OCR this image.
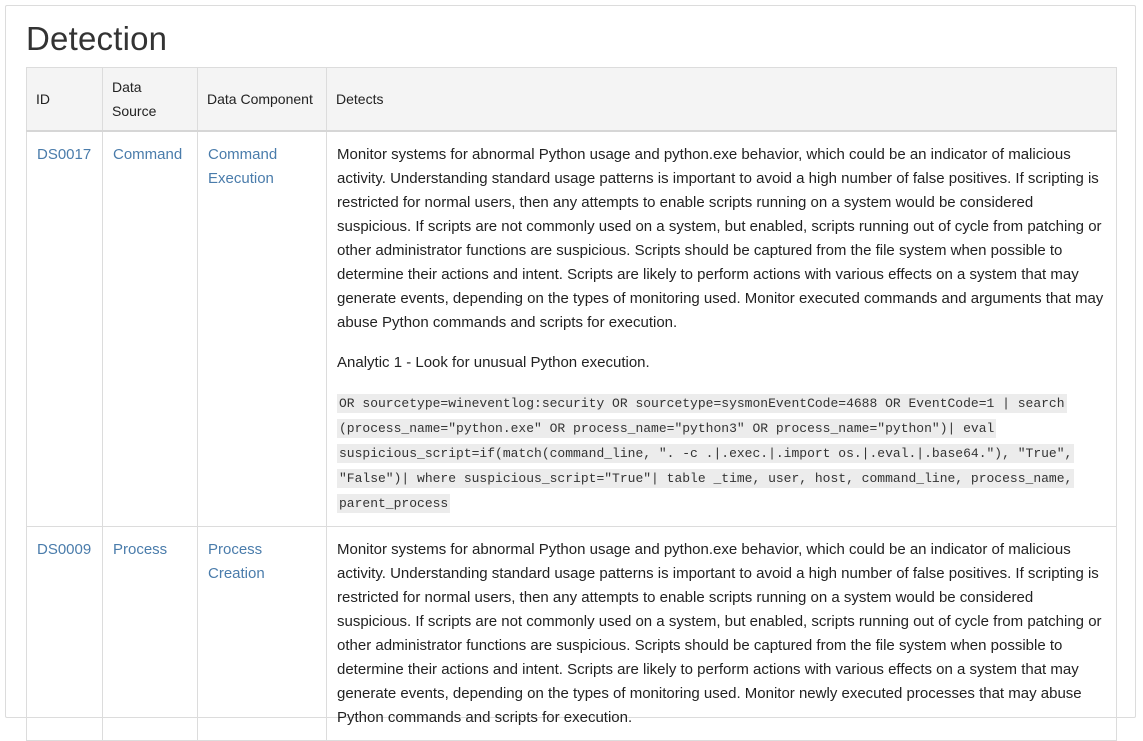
Detection
ID	Data Source	Data Component	Detects
DS0017	Command	Command Execution	Monitor systems for abnormal Python usage and python.exe behavior, which could be an indicator of malicious activity. Understanding standard usage patterns is important to avoid a high number of false positives. If scripting is restricted for normal users, then any attempts to enable scripts running on a system would be considered suspicious. If scripts are not commonly used on a system, but enabled, scripts running out of cycle from patching or other administrator functions are suspicious. Scripts should be captured from the file system when possible to determine their actions and intent. Scripts are likely to perform actions with various effects on a system that may generate events, depending on the types of monitoring used. Monitor executed commands and arguments that may abuse Python commands and scripts for execution.

Analytic 1 - Look for unusual Python execution.

OR sourcetype=wineventlog:security OR sourcetype=sysmonEventCode=4688 OR EventCode=1 | search (process_name="python.exe" OR process_name="python3" OR process_name="python")| eval suspicious_script=if(match(command_line, ". -c .|.exec.|.import os.|.eval.|.base64."), "True", "False")| where suspicious_script="True"| table _time, user, host, command_line, process_name, parent_process

DS0009	Process	Process Creation	Monitor systems for abnormal Python usage and python.exe behavior, which could be an indicator of malicious activity. Understanding standard usage patterns is important to avoid a high number of false positives. If scripting is restricted for normal users, then any attempts to enable scripts running on a system would be considered suspicious. If scripts are not commonly used on a system, but enabled, scripts running out of cycle from patching or other administrator functions are suspicious. Scripts should be captured from the file system when possible to determine their actions and intent. Scripts are likely to perform actions with various effects on a system that may generate events, depending on the types of monitoring used. Monitor newly executed processes that may abuse Python commands and scripts for execution.
